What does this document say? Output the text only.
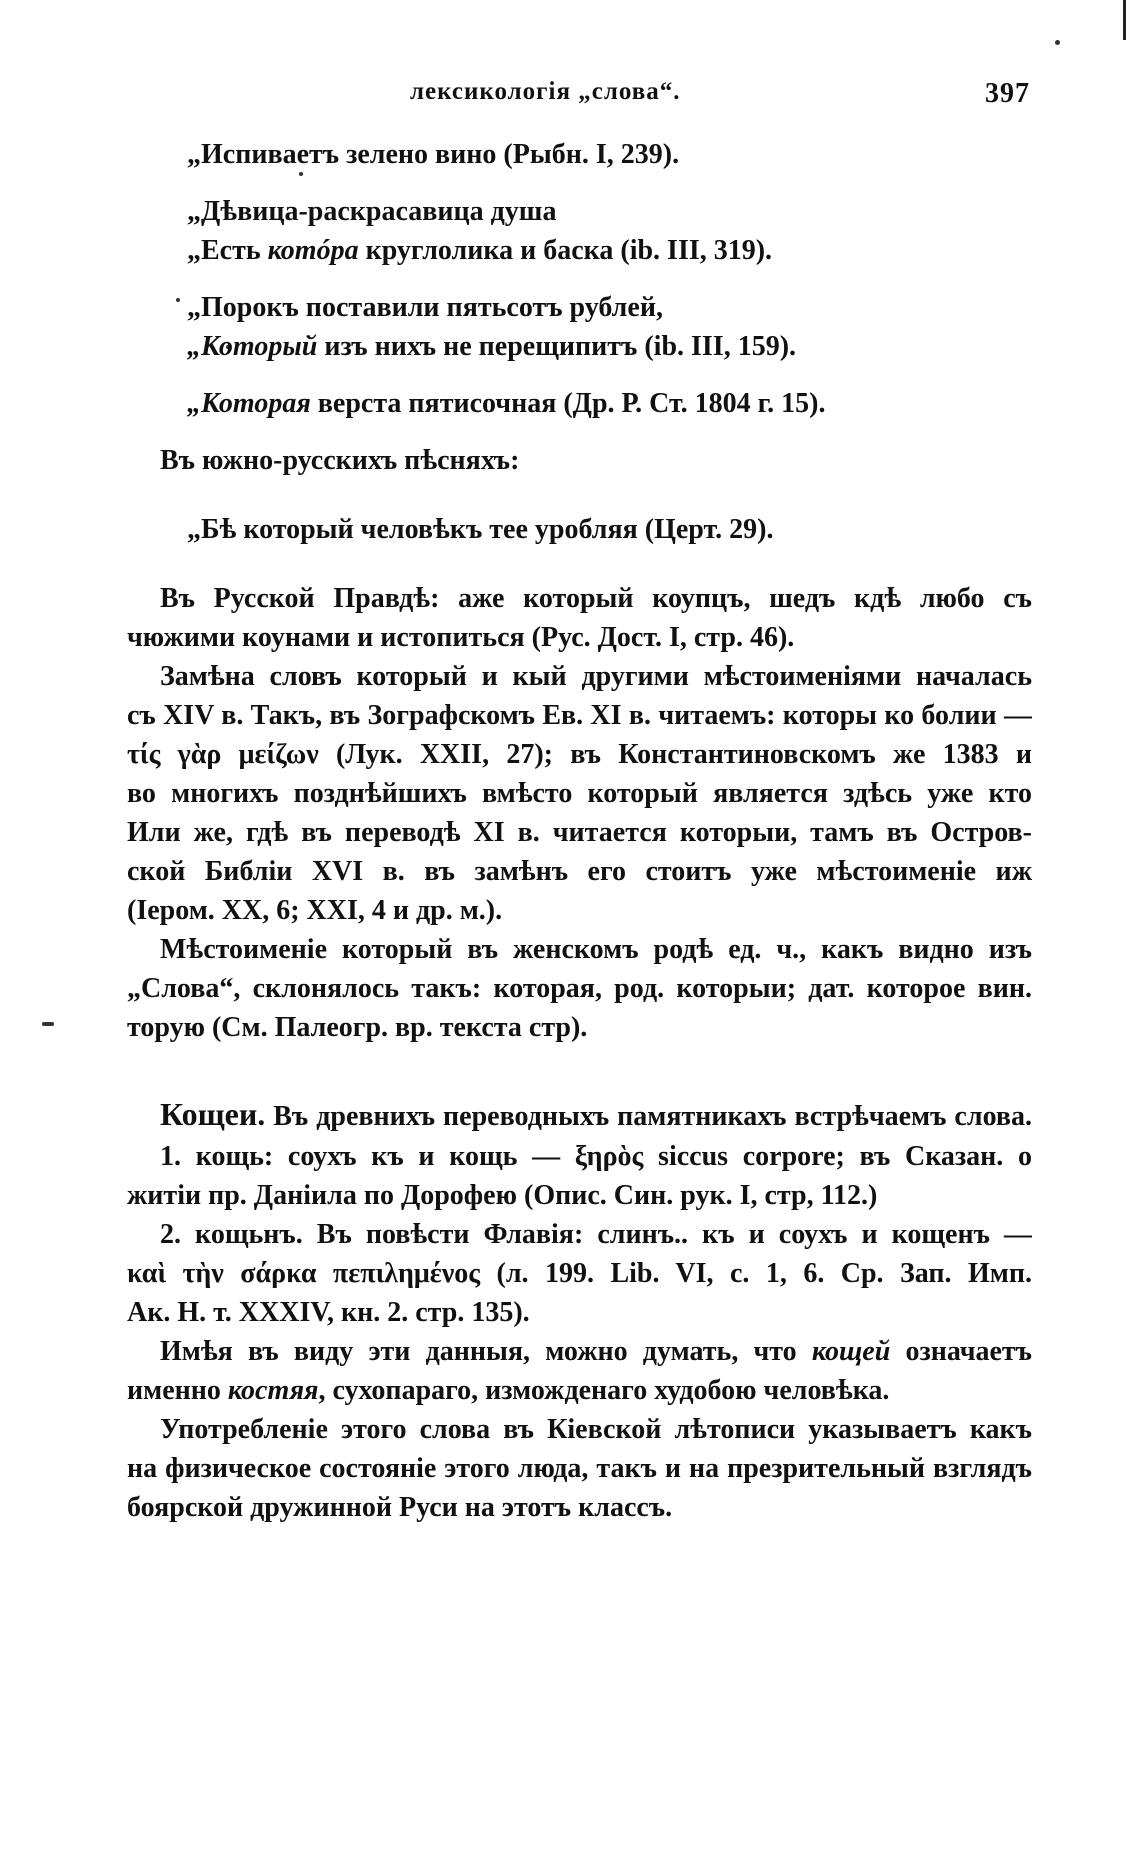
лексикологія „слова“.	397

„Испиваетъ зелено вино (Рыбн. I, 239).

„Дѣвица-раскрасавица душа

„Есть котóра круглолика и баска (ib. III, 319).

„Порокъ поставили пятьсотъ рублей,

„Который изъ нихъ не перещипитъ (ib. III, 159).

„Которая верста пятисочная (Др. Р. Ст. 1804 г. 15).

Въ южно-русскихъ пѣсняхъ:

„Бѣ который человѣкъ тее уробляя (Церт. 29).

Въ Русской Правдѣ: аже который коупцъ, шедъ кдѣ любо съ

чюжими коунами и истопиться (Рус. Дост. I, стр. 46).

Замѣна словъ который и кый другими мѣстоименіями началась

съ XIV в. Такъ, въ Зографскомъ Ев. XI в. читаемъ: которы ко болии —

τίς γὰρ μείζων (Лук. XXII, 27); въ Константиновскомъ же 1383 и

во многихъ позднѣйшихъ вмѣсто который является здѣсь уже кто

Или же, гдѣ въ переводѣ XI в. читается которыи, тамъ въ Остров-

ской Библіи XVI в. въ замѣнъ его стоитъ уже мѣстоименіе иж

(Іером. XX, 6; XXI, 4 и др. м.).

Мѣстоименіе который въ женскомъ родѣ ед. ч., какъ видно изъ

„Слова“, склонялось такъ: которая, род. которыи; дат. которое вин.

торую (См. Палеогр. вр. текста стр).

Кощеи. Въ древнихъ переводныхъ памятникахъ встрѣчаемъ слова.

1. кощь: соухъ къ и кощь — ξηρὸς siccus corpore; въ Сказан. о

житіи пр. Даніила по Дорофею (Опис. Син. рук. I, стр, 112.)

2. кощьнъ. Въ повѣсти Флавія: слинъ.. къ и соухъ и кощенъ —

καὶ τὴν σάρκα πεπιλημένος (л. 199. Lib. VI, c. 1, 6. Ср. Зап. Имп.

Ак. Н. т. XXXIV, кн. 2. стр. 135).

Имѣя въ виду эти данныя, можно думать, что кощей означаетъ

именно костяя, сухопараго, изможденаго худобою человѣка.

Употребленіе этого слова въ Кіевской лѣтописи указываетъ какъ

на физическое состояніе этого люда, такъ и на презрительный взглядъ

боярской дружинной Руси на этотъ классъ.
